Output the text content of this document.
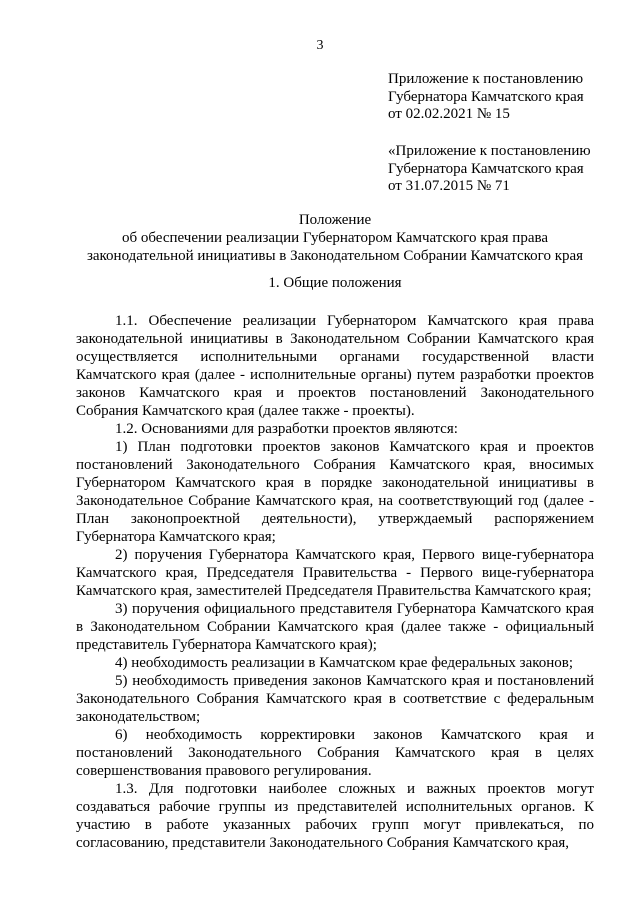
3
Приложение к постановлению
Губернатора Камчатского края
от 02.02.2021 № 15
«Приложение к постановлению
Губернатора Камчатского края
от 31.07.2015 № 71
Положение
об обеспечении реализации Губернатором Камчатского края права
законодательной инициативы в Законодательном Собрании Камчатского края
1. Общие положения

1.1. Обеспечение реализации Губернатором Камчатского края права законодательной инициативы в Законодательном Собрании Камчатского края осуществляется исполнительными органами государственной власти Камчатского края (далее - исполнительные органы) путем разработки проектов законов Камчатского края и проектов постановлений Законодательного Собрания Камчатского края (далее также - проекты).

1.2. Основаниями для разработки проектов являются:

1) План подготовки проектов законов Камчатского края и проектов постановлений Законодательного Собрания Камчатского края, вносимых Губернатором Камчатского края в порядке законодательной инициативы в Законодательное Собрание Камчатского края, на соответствующий год (далее - План законопроектной деятельности), утверждаемый распоряжением Губернатора Камчатского края;

2) поручения Губернатора Камчатского края, Первого вице-губернатора Камчатского края, Председателя Правительства - Первого вице-губернатора Камчатского края, заместителей Председателя Правительства Камчатского края;

3) поручения официального представителя Губернатора Камчатского края в Законодательном Собрании Камчатского края (далее также - официальный представитель Губернатора Камчатского края);

4) необходимость реализации в Камчатском крае федеральных законов;

5) необходимость приведения законов Камчатского края и постановлений Законодательного Собрания Камчатского края в соответствие с федеральным законодательством;

6) необходимость корректировки законов Камчатского края и постановлений Законодательного Собрания Камчатского края в целях совершенствования правового регулирования.

1.3. Для подготовки наиболее сложных и важных проектов могут создаваться рабочие группы из представителей исполнительных органов. К участию в работе указанных рабочих групп могут привлекаться, по согласованию, представители Законодательного Собрания Камчатского края,
